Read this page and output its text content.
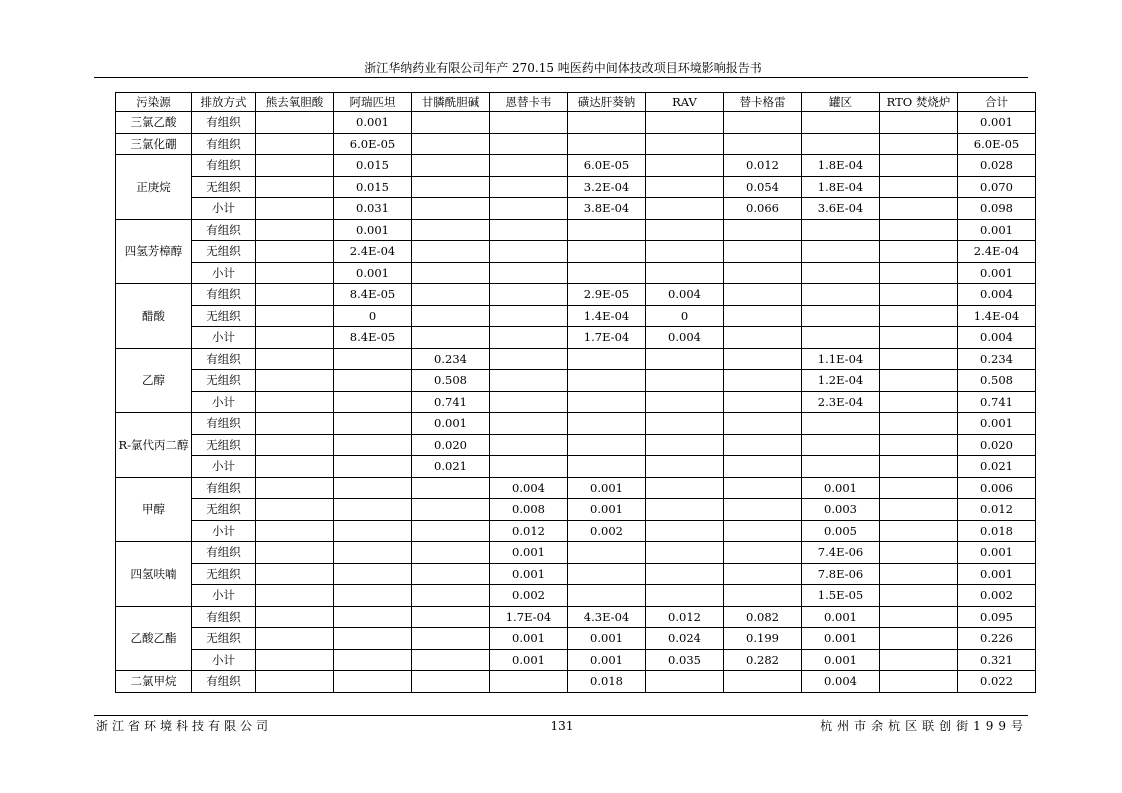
浙江华纳药业有限公司年产 270.15 吨医药中间体技改项目环境影响报告书
污染源	排放方式	熊去氧胆酸	阿瑞匹坦	甘膦酰胆碱	恩替卡韦	磺达肝葵钠	RAV	替卡格雷	罐区	RTO 焚烧炉	合计
三氯乙酸	有组织		0.001								0.001
三氯化硼	有组织		6.0E-05								6.0E-05
正庚烷	有组织		0.015			6.0E-05		0.012	1.8E-04		0.028
	无组织		0.015			3.2E-04		0.054	1.8E-04		0.070
	小计		0.031			3.8E-04		0.066	3.6E-04		0.098
四氢芳樟醇	有组织		0.001								0.001
	无组织		2.4E-04								2.4E-04
	小计		0.001								0.001
醋酸	有组织		8.4E-05			2.9E-05	0.004				0.004
	无组织		0			1.4E-04	0				1.4E-04
	小计		8.4E-05			1.7E-04	0.004				0.004
乙醇	有组织			0.234					1.1E-04		0.234
	无组织			0.508					1.2E-04		0.508
	小计			0.741					2.3E-04		0.741
R-氯代丙二醇	有组织			0.001							0.001
	无组织			0.020							0.020
	小计			0.021							0.021
甲醇	有组织				0.004	0.001			0.001		0.006
	无组织				0.008	0.001			0.003		0.012
	小计				0.012	0.002			0.005		0.018
四氢呋喃	有组织				0.001				7.4E-06		0.001
	无组织				0.001				7.8E-06		0.001
	小计				0.002				1.5E-05		0.002
乙酸乙酯	有组织				1.7E-04	4.3E-04	0.012	0.082	0.001		0.095
	无组织				0.001	0.001	0.024	0.199	0.001		0.226
	小计				0.001	0.001	0.035	0.282	0.001		0.321
二氯甲烷	有组织					0.018			0.004		0.022
浙江省环境科技有限公司	131	杭州市余杭区联创街199号
